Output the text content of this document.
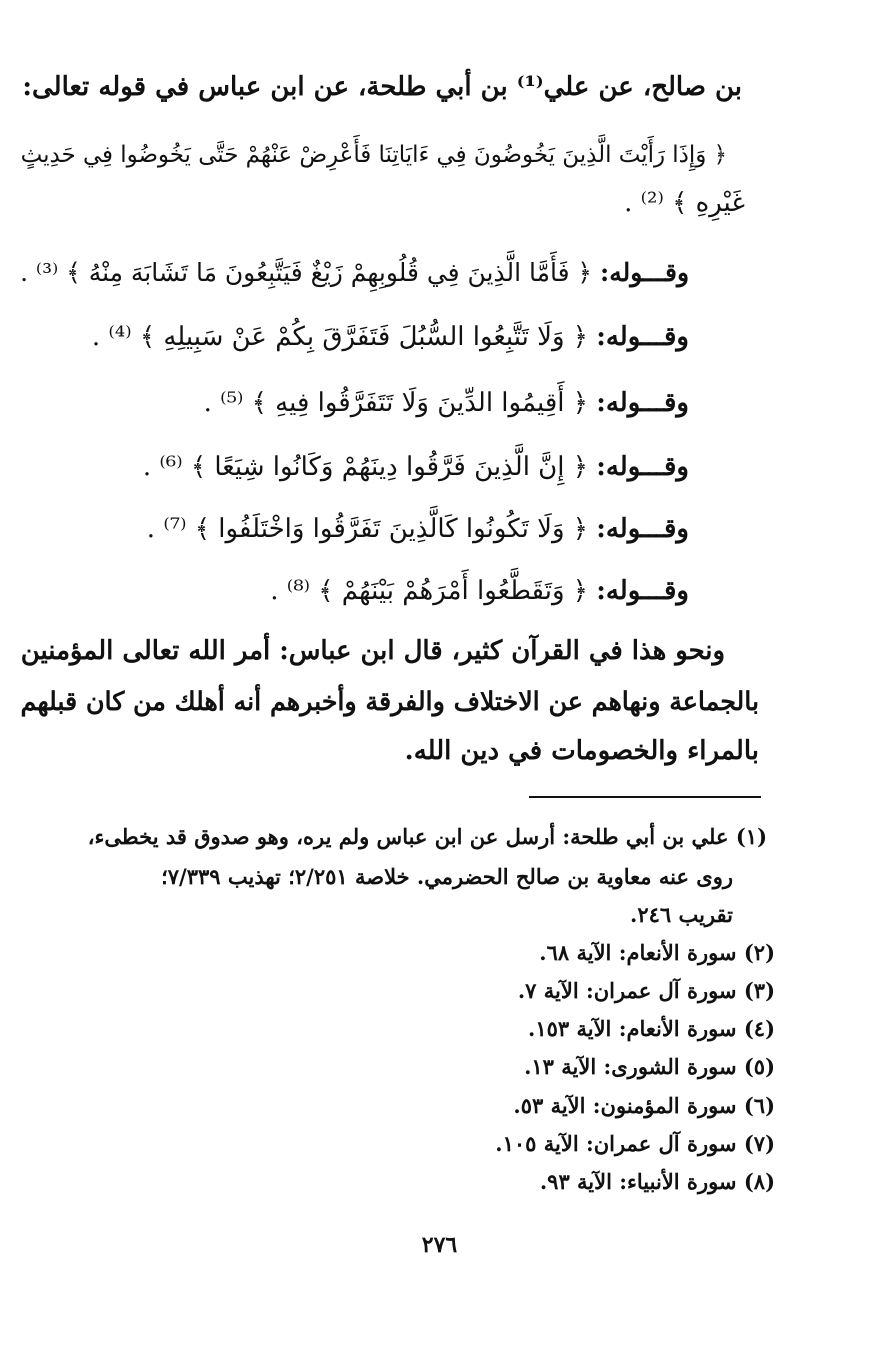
بن صالح، عن علي⁽¹⁾ بن أبي طلحة، عن ابن عباس في قوله تعالى:
﴿ وَإِذَا رَأَيْتَ الَّذِينَ يَخُوضُونَ فِي ءَايَاتِنَا فَأَعْرِضْ عَنْهُمْ حَتَّى يَخُوضُوا فِي حَدِيثٍ
غَيْرِهِ ﴾ ⁽²⁾ .
وقـــوله: ﴿ فَأَمَّا الَّذِينَ فِي قُلُوبِهِمْ زَيْغٌ فَيَتَّبِعُونَ مَا تَشَابَهَ مِنْهُ ﴾ ⁽³⁾ .
وقـــوله: ﴿ وَلَا تَتَّبِعُوا السُّبُلَ فَتَفَرَّقَ بِكُمْ عَنْ سَبِيلِهِ ﴾ ⁽⁴⁾ .
وقـــوله: ﴿ أَقِيمُوا الدِّينَ وَلَا تَتَفَرَّقُوا فِيهِ ﴾ ⁽⁵⁾ .
وقـــوله: ﴿ إِنَّ الَّذِينَ فَرَّقُوا دِينَهُمْ وَكَانُوا شِيَعًا ﴾ ⁽⁶⁾ .
وقـــوله: ﴿ وَلَا تَكُونُوا كَالَّذِينَ تَفَرَّقُوا وَاخْتَلَفُوا ﴾ ⁽⁷⁾ .
وقـــوله: ﴿ وَتَقَطَّعُوا أَمْرَهُمْ بَيْنَهُمْ ﴾ ⁽⁸⁾ .
ونحو هذا في القرآن كثير، قال ابن عباس: أمر الله تعالى المؤمنين
بالجماعة ونهاهم عن الاختلاف والفرقة وأخبرهم أنه أهلك من كان قبلهم
بالمراء والخصومات في دين الله.
(١) علي بن أبي طلحة: أرسل عن ابن عباس ولم يره، وهو صدوق قد يخطىء،
روى عنه معاوية بن صالح الحضرمي. خلاصة ٢/٢٥١؛ تهذيب ٧/٣٣٩؛
تقريب ٢٤٦.
(٢) سورة الأنعام: الآية ٦٨.
(٣) سورة آل عمران: الآية ٧.
(٤) سورة الأنعام: الآية ١٥٣.
(٥) سورة الشورى: الآية ١٣.
(٦) سورة المؤمنون: الآية ٥٣.
(٧) سورة آل عمران: الآية ١٠٥.
(٨) سورة الأنبياء: الآية ٩٣.
٢٧٦
